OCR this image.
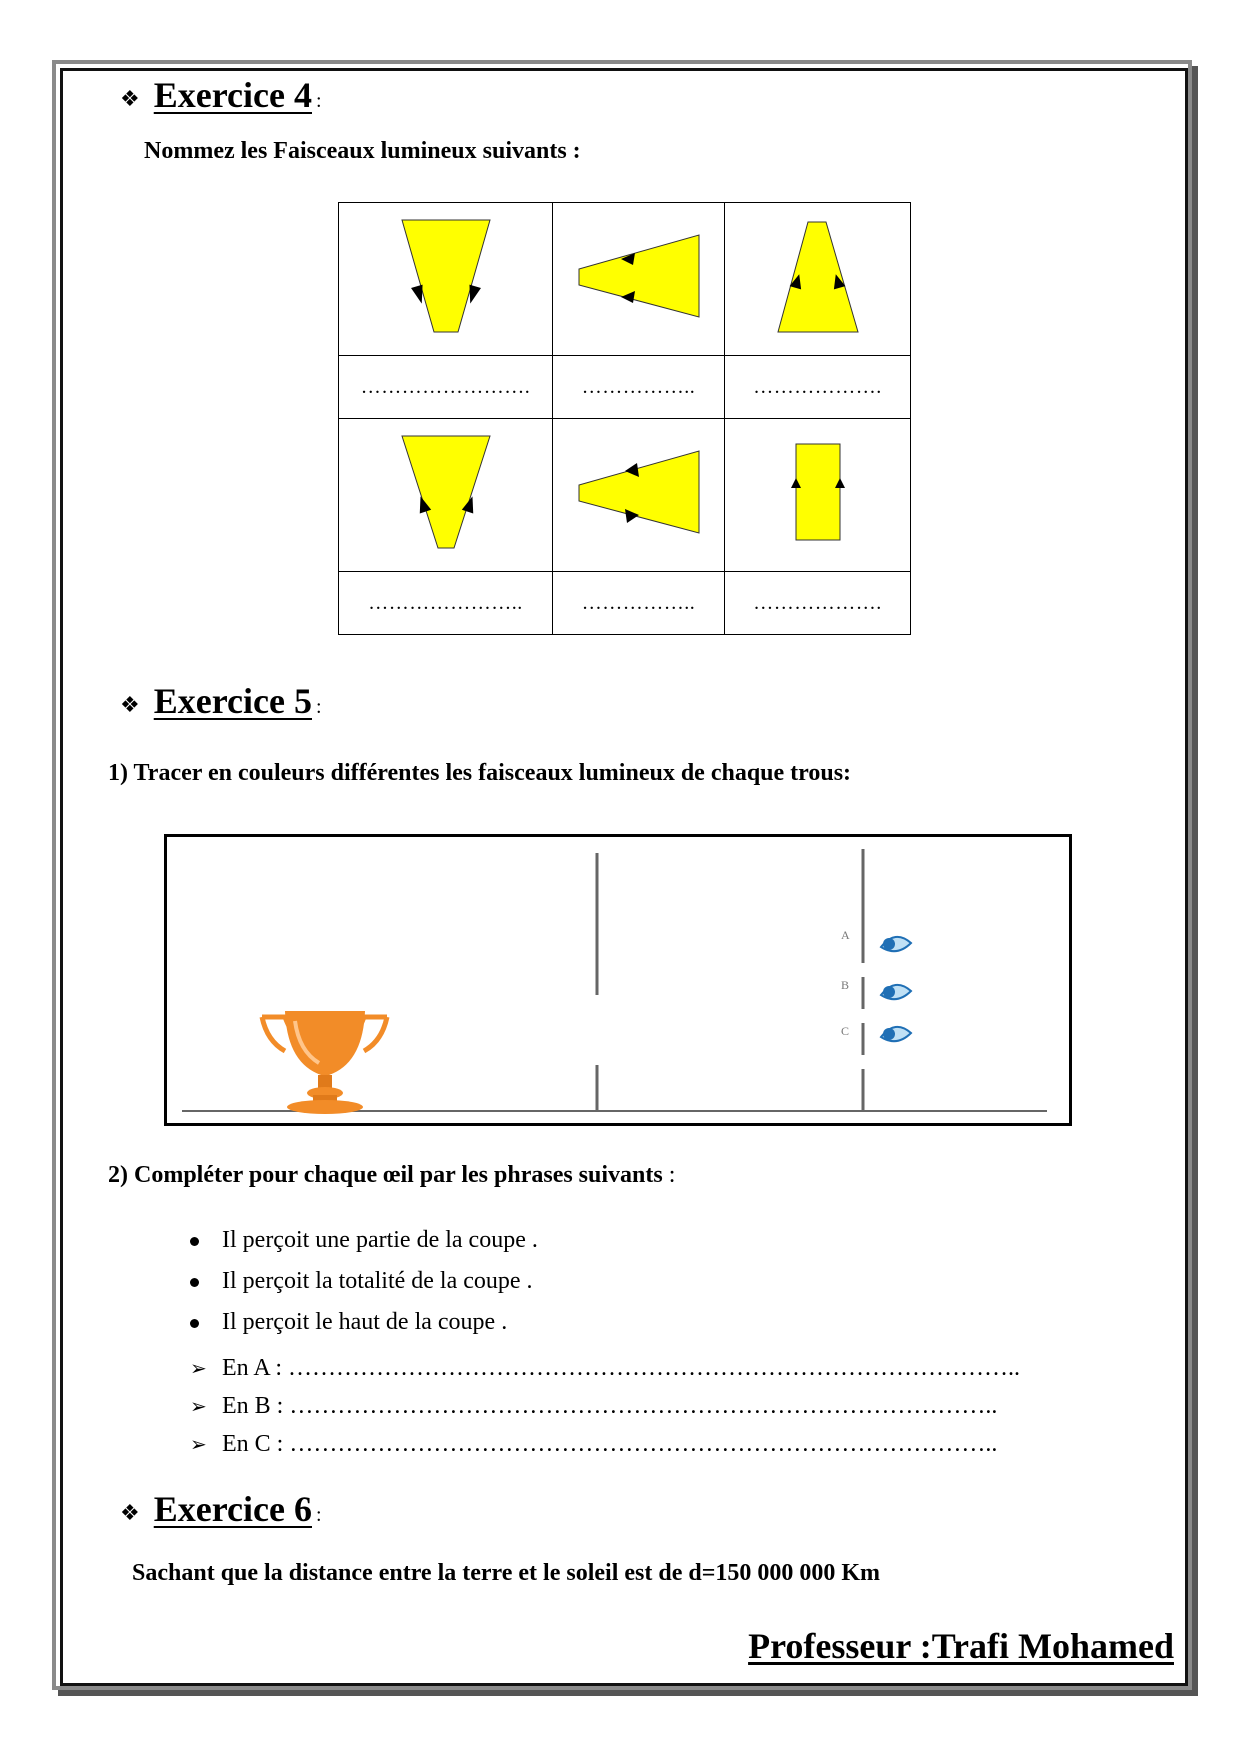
❖ Exercice 4 :
Nommez les Faisceaux lumineux suivants :

…………………….	……………..	……………….

…………………..	……………..	……………….
❖ Exercice 5 :
1) Tracer en couleurs différentes les faisceaux lumineux de chaque trous:
A
B
C
2) Compléter pour chaque œil par les phrases suivants :
Il perçoit une partie de la coupe .
Il perçoit la totalité de la coupe .
Il perçoit le haut de la coupe .
➢ En A : ………………………………………………………………………………..
➢ En B : ……………………………………………………………………………..
➢ En C : ……………………………………………………………………………..
❖ Exercice 6 :
Sachant que la distance entre la terre et le soleil est de d=150 000 000 Km
Professeur :Trafi Mohamed
